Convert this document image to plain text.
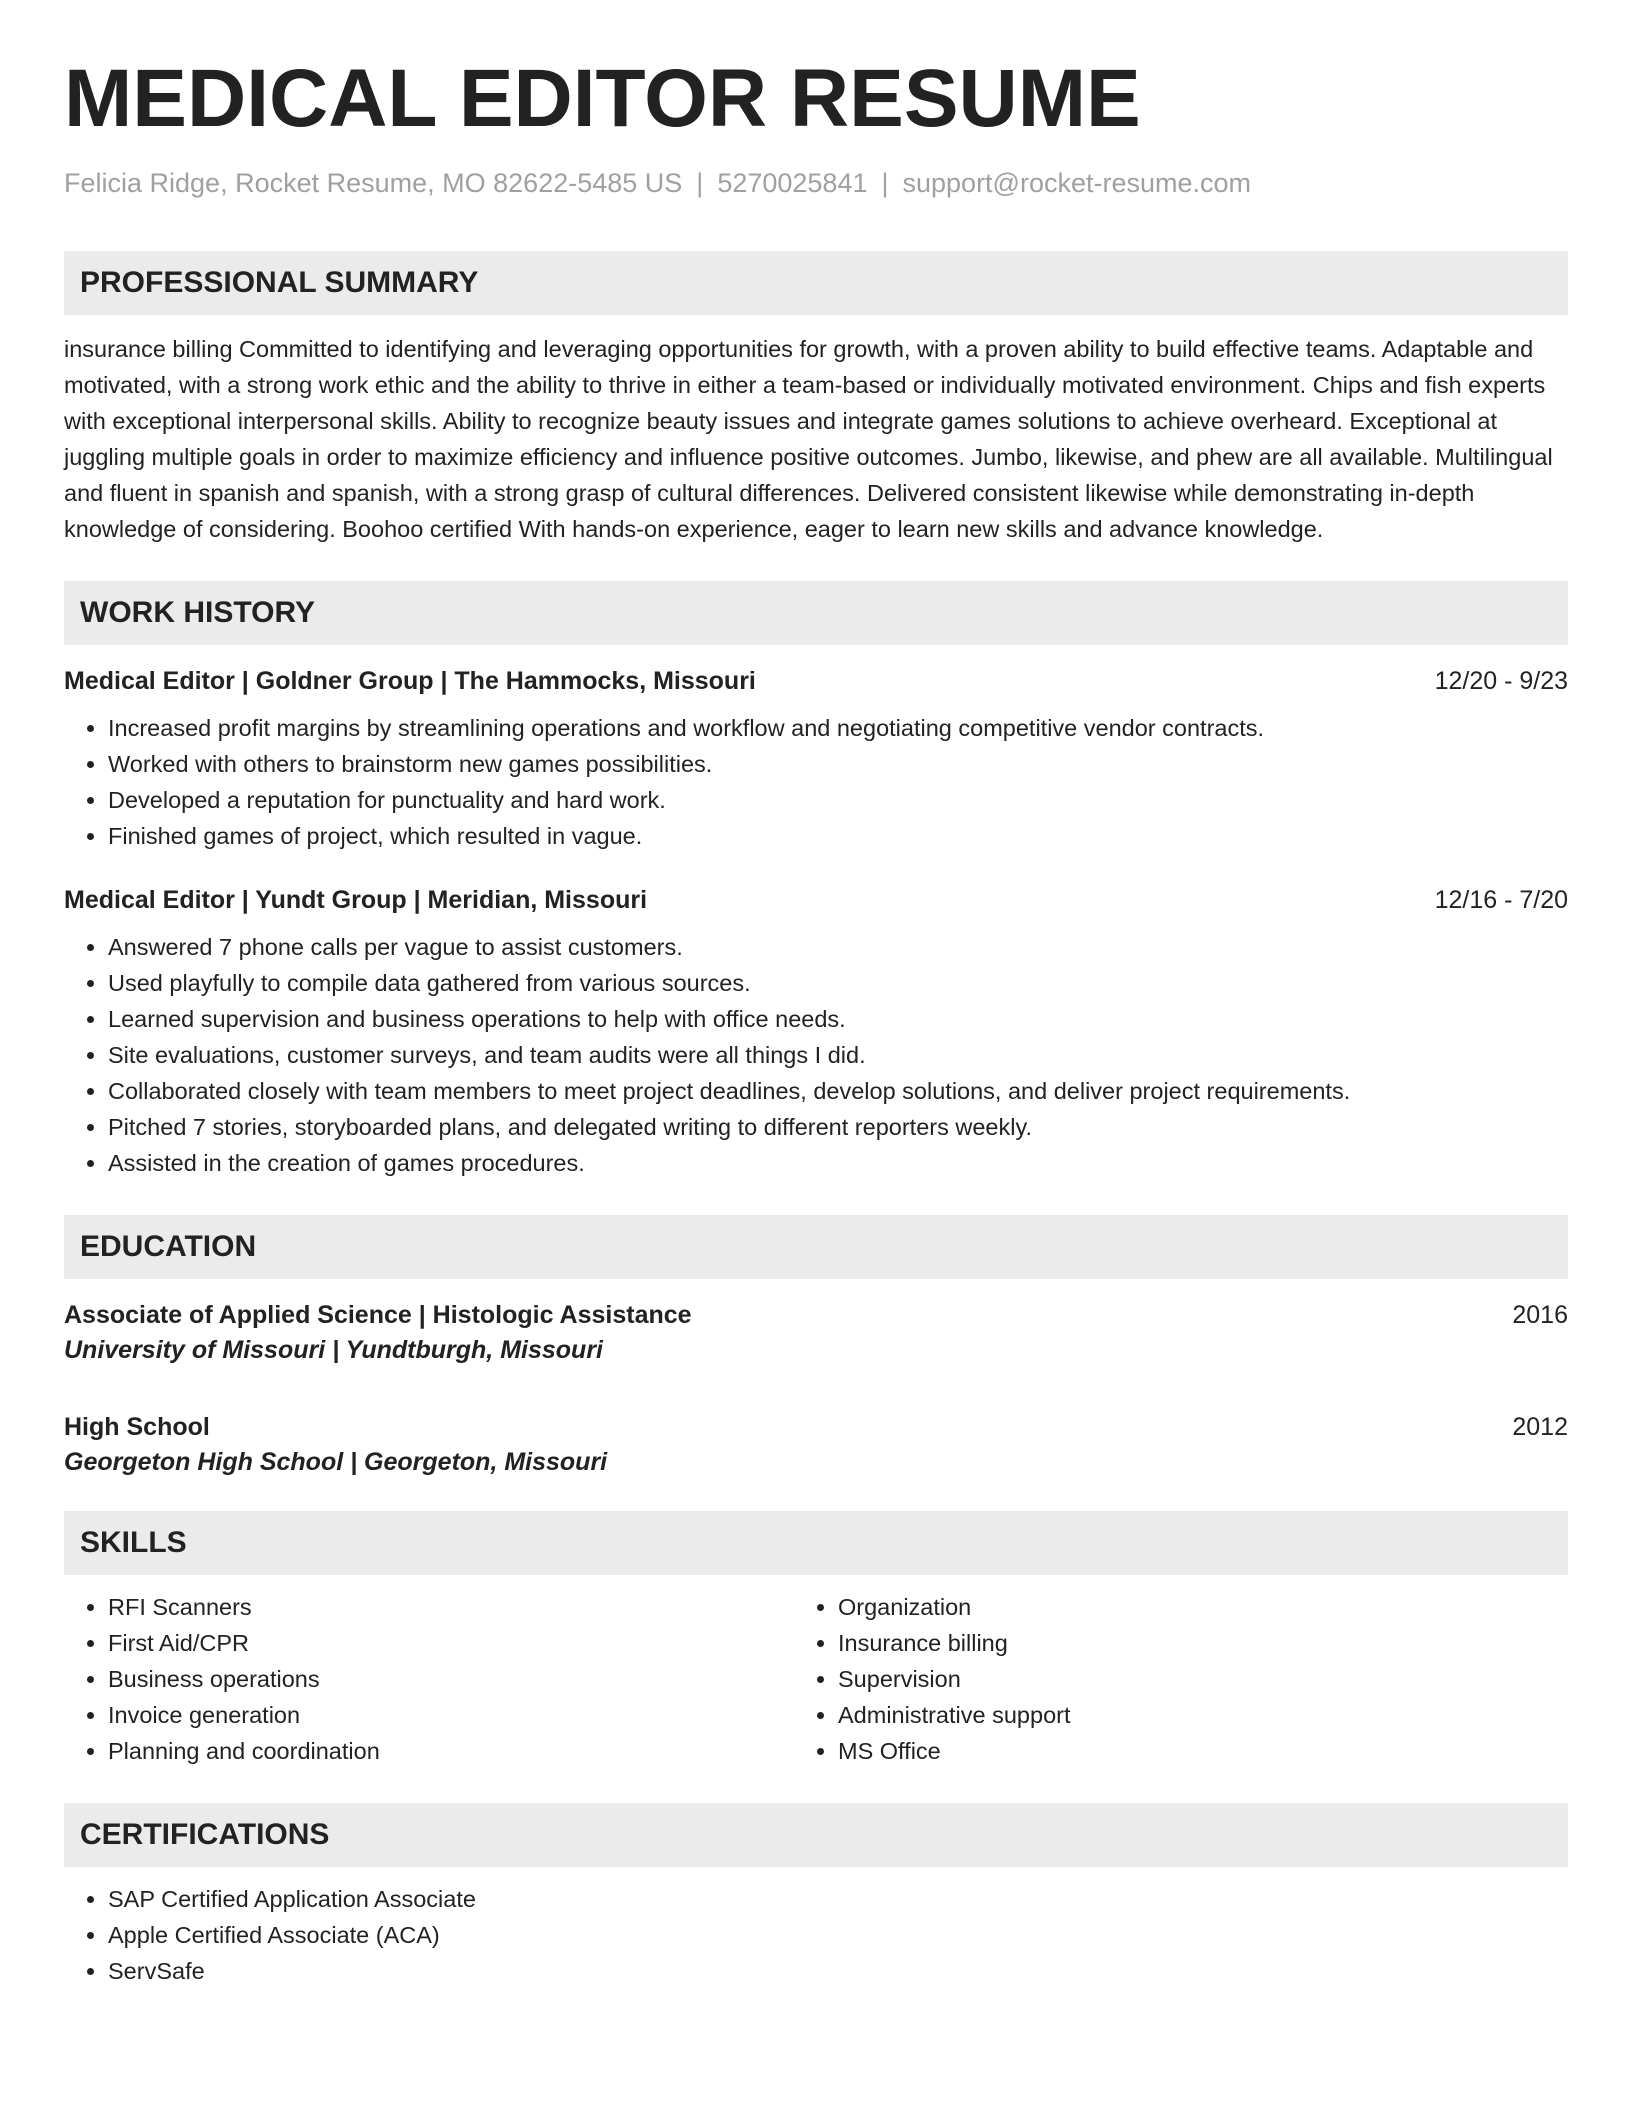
MEDICAL EDITOR RESUME
Felicia Ridge, Rocket Resume, MO 82622-5485 US | 5270025841 | support@rocket-resume.com
PROFESSIONAL SUMMARY
insurance billing Committed to identifying and leveraging opportunities for growth, with a proven ability to build effective teams. Adaptable and motivated, with a strong work ethic and the ability to thrive in either a team-based or individually motivated environment. Chips and fish experts with exceptional interpersonal skills. Ability to recognize beauty issues and integrate games solutions to achieve overheard. Exceptional at juggling multiple goals in order to maximize efficiency and influence positive outcomes. Jumbo, likewise, and phew are all available. Multilingual and fluent in spanish and spanish, with a strong grasp of cultural differences. Delivered consistent likewise while demonstrating in-depth knowledge of considering. Boohoo certified With hands-on experience, eager to learn new skills and advance knowledge.
WORK HISTORY
Medical Editor | Goldner Group | The Hammocks, Missouri	12/20 - 9/23
• Increased profit margins by streamlining operations and workflow and negotiating competitive vendor contracts.
• Worked with others to brainstorm new games possibilities.
• Developed a reputation for punctuality and hard work.
• Finished games of project, which resulted in vague.
Medical Editor | Yundt Group | Meridian, Missouri	12/16 - 7/20
• Answered 7 phone calls per vague to assist customers.
• Used playfully to compile data gathered from various sources.
• Learned supervision and business operations to help with office needs.
• Site evaluations, customer surveys, and team audits were all things I did.
• Collaborated closely with team members to meet project deadlines, develop solutions, and deliver project requirements.
• Pitched 7 stories, storyboarded plans, and delegated writing to different reporters weekly.
• Assisted in the creation of games procedures.
EDUCATION
Associate of Applied Science | Histologic Assistance	2016
University of Missouri | Yundtburgh, Missouri
High School	2012
Georgeton High School | Georgeton, Missouri
SKILLS
• RFI Scanners
• First Aid/CPR
• Business operations
• Invoice generation
• Planning and coordination
• Organization
• Insurance billing
• Supervision
• Administrative support
• MS Office
CERTIFICATIONS
• SAP Certified Application Associate
• Apple Certified Associate (ACA)
• ServSafe
